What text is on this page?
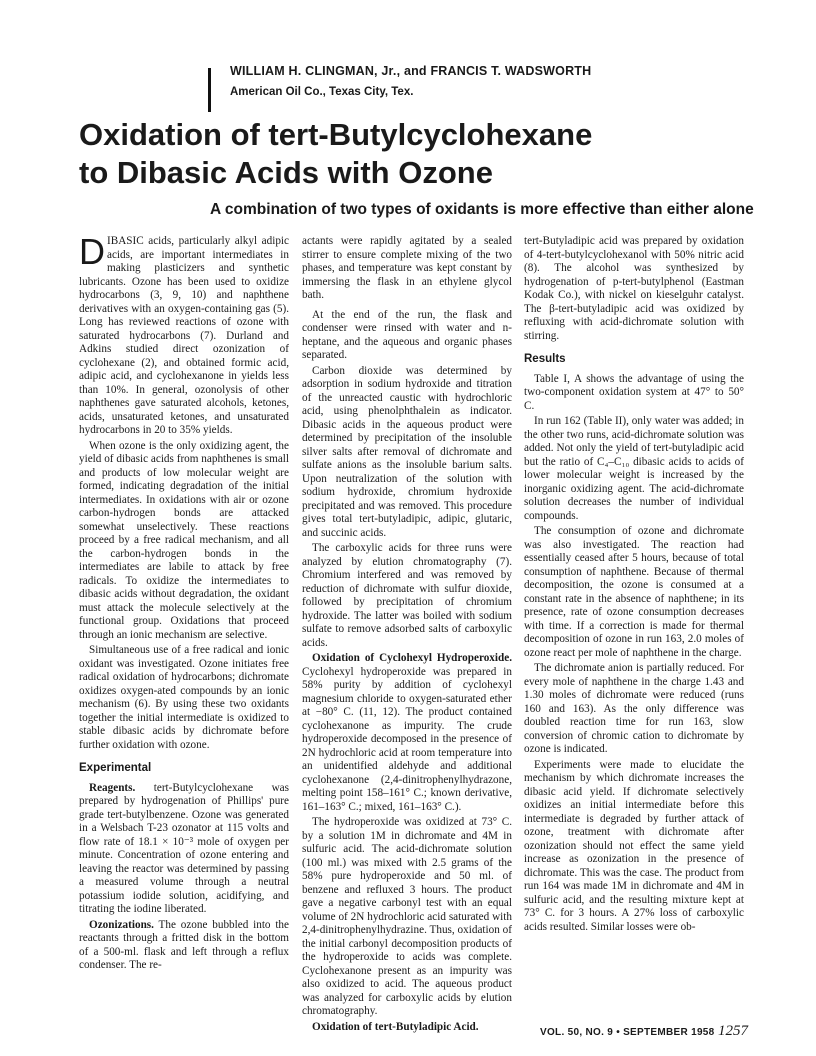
WILLIAM H. CLINGMAN, Jr., and FRANCIS T. WADSWORTH
American Oil Co., Texas City, Tex.
Oxidation of tert-Butylcyclohexane
to Dibasic Acids with Ozone
A combination of two types of oxidants is more effective than either alone

DIBASIC acids, particularly alkyl adipic acids, are important intermediates in making plasticizers and synthetic lubricants. Ozone has been used to oxidize hydrocarbons (3, 9, 10) and naphthene derivatives with an oxygen-containing gas (5). Long has reviewed reactions of ozone with saturated hydrocarbons (7). Durland and Adkins studied direct ozonization of cyclohexane (2), and obtained formic acid, adipic acid, and cyclohexanone in yields less than 10%. In general, ozonolysis of other naphthenes gave saturated alcohols, ketones, acids, unsaturated ketones, and unsaturated hydrocarbons in 20 to 35% yields.

When ozone is the only oxidizing agent, the yield of dibasic acids from naphthenes is small and products of low molecular weight are formed, indicating degradation of the initial intermediates. In oxidations with air or ozone carbon-hydrogen bonds are attacked somewhat unselectively. These reactions proceed by a free radical mechanism, and all the carbon-hydrogen bonds in the intermediates are labile to attack by free radicals. To oxidize the intermediates to dibasic acids without degradation, the oxidant must attack the molecule selectively at the functional group. Oxidations that proceed through an ionic mechanism are selective.

Simultaneous use of a free radical and ionic oxidant was investigated. Ozone initiates free radical oxidation of hydrocarbons; dichromate oxidizes oxygen-ated compounds by an ionic mechanism (6). By using these two oxidants together the initial intermediate is oxidized to stable dibasic acids by dichromate before further oxidation with ozone.

Experimental

Reagents. tert-Butylcyclohexane was prepared by hydrogenation of Phillips' pure grade tert-butylbenzene. Ozone was generated in a Welsbach T-23 ozonator at 115 volts and flow rate of 18.1 × 10⁻³ mole of oxygen per minute. Concentration of ozone entering and leaving the reactor was determined by passing a measured volume through a neutral potassium iodide solution, acidifying, and titrating the iodine liberated.

Ozonizations. The ozone bubbled into the reactants through a fritted disk in the bottom of a 500-ml. flask and left through a reflux condenser. The re-

actants were rapidly agitated by a sealed stirrer to ensure complete mixing of the two phases, and temperature was kept constant by immersing the flask in an ethylene glycol bath.

At the end of the run, the flask and condenser were rinsed with water and n-heptane, and the aqueous and organic phases separated.

Carbon dioxide was determined by adsorption in sodium hydroxide and titration of the unreacted caustic with hydrochloric acid, using phenolphthalein as indicator. Dibasic acids in the aqueous product were determined by precipitation of the insoluble silver salts after removal of dichromate and sulfate anions as the insoluble barium salts. Upon neutralization of the solution with sodium hydroxide, chromium hydroxide precipitated and was removed. This procedure gives total tert-butyladipic, adipic, glutaric, and succinic acids.

The carboxylic acids for three runs were analyzed by elution chromatography (7). Chromium interfered and was removed by reduction of dichromate with sulfur dioxide, followed by precipitation of chromium hydroxide. The latter was boiled with sodium sulfate to remove adsorbed salts of carboxylic acids.

Oxidation of Cyclohexyl Hydroperoxide. Cyclohexyl hydroperoxide was prepared in 58% purity by addition of cyclohexyl magnesium chloride to oxygen-saturated ether at −80° C. (11, 12). The product contained cyclohexanone as impurity. The crude hydroperoxide decomposed in the presence of 2N hydrochloric acid at room temperature into an unidentified aldehyde and additional cyclohexanone (2,4-dinitrophenylhydrazone, melting point 158–161° C.; known derivative, 161–163° C.; mixed, 161–163° C.).

The hydroperoxide was oxidized at 73° C. by a solution 1M in dichromate and 4M in sulfuric acid. The acid-dichromate solution (100 ml.) was mixed with 2.5 grams of the 58% pure hydroperoxide and 50 ml. of benzene and refluxed 3 hours. The product gave a negative carbonyl test with an equal volume of 2N hydrochloric acid saturated with 2,4-dinitrophenylhydrazine. Thus, oxidation of the initial carbonyl decomposition products of the hydroperoxide to acids was complete. Cyclohexanone present as an impurity was also oxidized to acid. The aqueous product was analyzed for carboxylic acids by elution chromatography.

Oxidation of tert-Butyladipic Acid.

tert-Butyladipic acid was prepared by oxidation of 4-tert-butylcyclohexanol with 50% nitric acid (8). The alcohol was synthesized by hydrogenation of p-tert-butylphenol (Eastman Kodak Co.), with nickel on kieselguhr catalyst. The β-tert-butyladipic acid was oxidized by refluxing with acid-dichromate solution with stirring.

Results

Table I, A shows the advantage of using the two-component oxidation system at 47° to 50° C.

In run 162 (Table II), only water was added; in the other two runs, acid-dichromate solution was added. Not only the yield of tert-butyladipic acid but the ratio of C₄–C₁₀ dibasic acids to acids of lower molecular weight is increased by the inorganic oxidizing agent. The acid-dichromate solution decreases the number of individual compounds.

The consumption of ozone and dichromate was also investigated. The reaction had essentially ceased after 5 hours, because of total consumption of naphthene. Because of thermal decomposition, the ozone is consumed at a constant rate in the absence of naphthene; in its presence, rate of ozone consumption decreases with time. If a correction is made for thermal decomposition of ozone in run 163, 2.0 moles of ozone react per mole of naphthene in the charge.

The dichromate anion is partially reduced. For every mole of naphthene in the charge 1.43 and 1.30 moles of dichromate were reduced (runs 160 and 163). As the only difference was doubled reaction time for run 163, slow conversion of chromic cation to dichromate by ozone is indicated.

Experiments were made to elucidate the mechanism by which dichromate increases the dibasic acid yield. If dichromate selectively oxidizes an initial intermediate before this intermediate is degraded by further attack of ozone, treatment with dichromate after ozonization should not effect the same yield increase as ozonization in the presence of dichromate. This was the case. The product from run 164 was made 1M in dichromate and 4M in sulfuric acid, and the resulting mixture kept at 73° C. for 3 hours. A 27% loss of carboxylic acids resulted. Similar losses were ob-

VOL. 50, NO. 9 • SEPTEMBER 1958 1257
